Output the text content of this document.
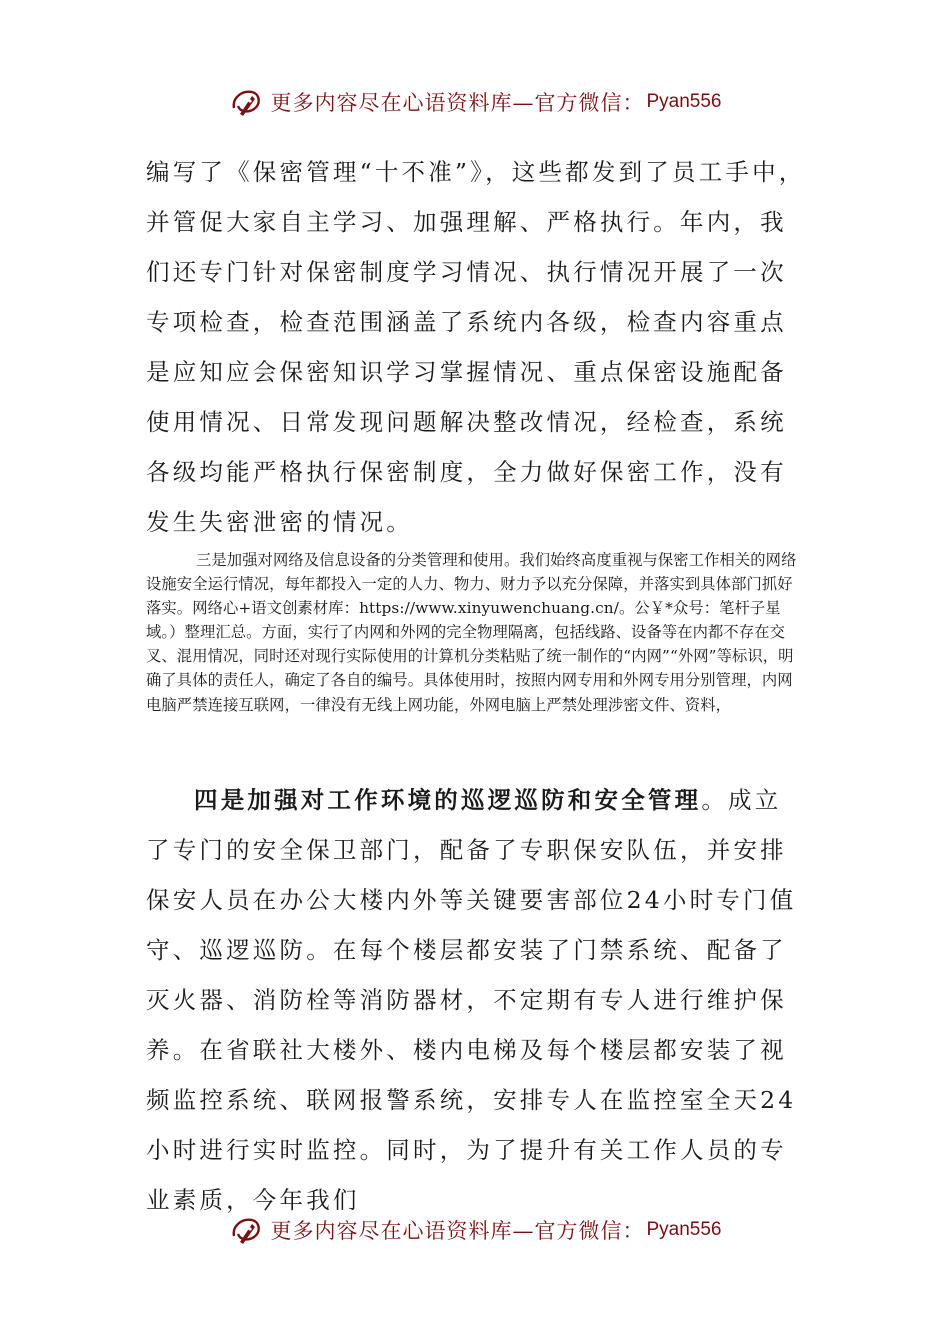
更多内容尽在心语资料库—官方微信： Pyan556

编写了《保密管理“十不准”》，这些都发到了员工手中，并管促大家自主学习、加强理解、严格执行。年内，我们还专门针对保密制度学习情况、执行情况开展了一次专项检查，检查范围涵盖了系统内各级，检查内容重点是应知应会保密知识学习掌握情况、重点保密设施配备使用情况、日常发现问题解决整改情况，经检查，系统各级均能严格执行保密制度，全力做好保密工作，没有发生失密泄密的情况。

三是加强对网络及信息设备的分类管理和使用。我们始终高度重视与保密工作相关的网络设施安全运行情况，每年都投入一定的人力、物力、财力予以充分保障，并落实到具体部门抓好落实。网络心+语文创素材库：https://www.xinyuwenchuang.cn/。公￥*众号：笔杆子星域。）整理汇总。方面，实行了内网和外网的完全物理隔离，包括线路、设备等在内都不存在交叉、混用情况，同时还对现行实际使用的计算机分类粘贴了统一制作的“内网”“外网”等标识，明确了具体的责任人，确定了各自的编号。具体使用时，按照内网专用和外网专用分别管理，内网电脑严禁连接互联网，一律没有无线上网功能，外网电脑上严禁处理涉密文件、资料，

四是加强对工作环境的巡逻巡防和安全管理。成立了专门的安全保卫部门，配备了专职保安队伍，并安排保安人员在办公大楼内外等关键要害部位24小时专门值守、巡逻巡防。在每个楼层都安装了门禁系统、配备了灭火器、消防栓等消防器材，不定期有专人进行维护保养。在省联社大楼外、楼内电梯及每个楼层都安装了视频监控系统、联网报警系统，安排专人在监控室全天24小时进行实时监控。同时，为了提升有关工作人员的专业素质，今年我们

更多内容尽在心语资料库—官方微信： Pyan556
